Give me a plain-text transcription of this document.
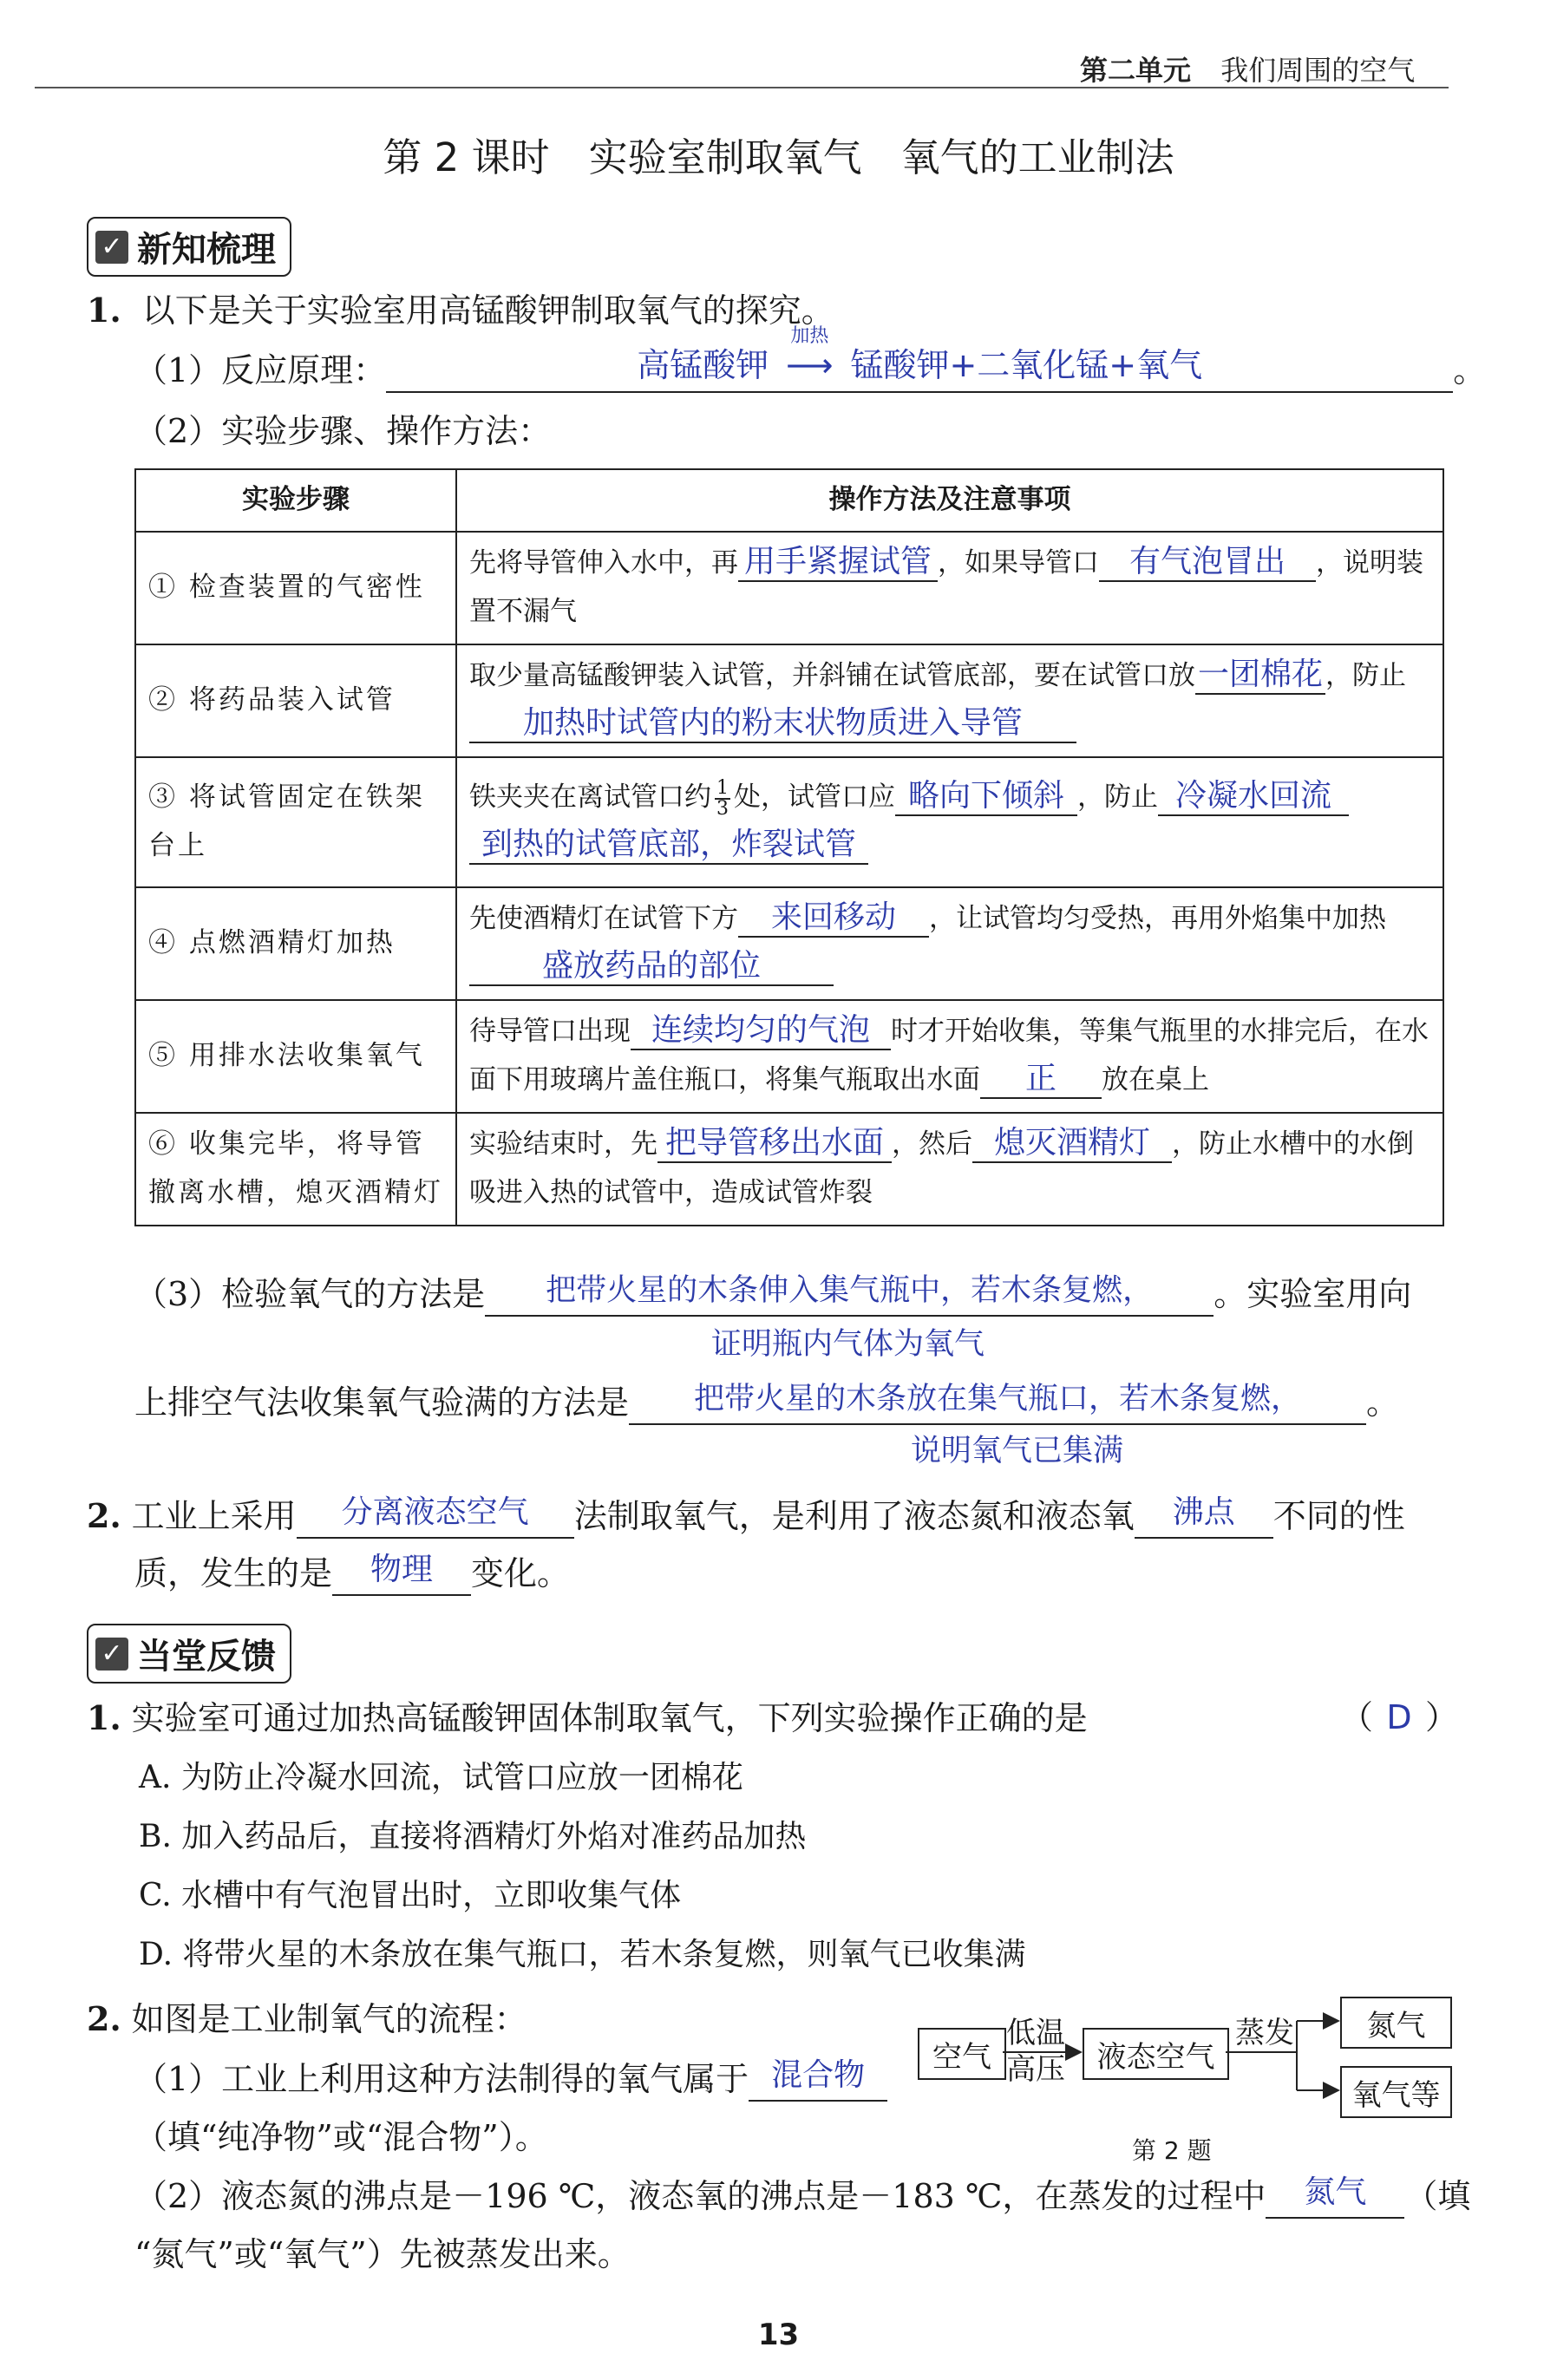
第二单元 我们周围的空气
第 2 课时　实验室制取氧气　氧气的工业制法
✓ 新知梳理
1. 以下是关于实验室用高锰酸钾制取氧气的探究。
（1）反应原理：	高锰酸钾
加热
⟶ 锰酸钾+二氧化锰+氧气	。
（2）实验步骤、操作方法：
实验步骤	操作方法及注意事项
① 检查装置的气密性	先将导管伸入水中，再 用手紧握试管 ，如果导管口 有气泡冒出 ，说明装置不漏气
② 将药品装入试管	取少量高锰酸钾装入试管，并斜铺在试管底部，要在试管口放一团棉花，防止加热时试管内的粉末状物质进入导管
③ 将试管固定在铁架台上	铁夹夹在离试管口约 $\frac{1}{3}$ 处，试管口应 略向下倾斜 ，防止 冷凝水回流
到热的试管底部，炸裂试管
④ 点燃酒精灯加热	先使酒精灯在试管下方 来回移动 ，让试管均匀受热，再用外焰集中加热盛放药品的部位
⑤ 用排水法收集氧气	待导管口出现 连续均匀的气泡 时才开始收集，等集气瓶里的水排完后，在水面下用玻璃片盖住瓶口，将集气瓶取出水面 正 放在桌上
⑥ 收集完毕，将导管撤离水槽，熄灭酒精灯	实验结束时，先 把导管移出水面 ，然后 熄灭酒精灯 ，防止水槽中的水倒吸进入热的试管中，造成试管炸裂
（3）检验氧气的方法是 把带火星的木条伸入集气瓶中，若木条复燃， 。实验室用向
证明瓶内气体为氧气
上排空气法收集氧气验满的方法是 把带火星的木条放在集气瓶口，若木条复燃， 。
说明氧气已集满
2. 工业上采用 分离液态空气 法制取氧气，是利用了液态氮和液态氧 沸点 不同的性
质，发生的是 物理 变化。
✓ 当堂反馈
1. 实验室可通过加热高锰酸钾固体制取氧气，下列实验操作正确的是	（ D ）
A. 为防止冷凝水回流，试管口应放一团棉花
B. 加入药品后，直接将酒精灯外焰对准药品加热
C. 水槽中有气泡冒出时，立即收集气体
D. 将带火星的木条放在集气瓶口，若木条复燃，则氧气已收集满
2. 如图是工业制氧气的流程：
（1）工业上利用这种方法制得的氧气属于 混合物
（填“纯净物”或“混合物”）。
（2）液态氮的沸点是－196 ℃，液态氧的沸点是－183 ℃，在蒸发的过程中 氮气 （填
“氮气”或“氧气”）先被蒸发出来。
空气
低温
高压	液态空气
蒸发	氮气
氧气等
第 2 题
13
